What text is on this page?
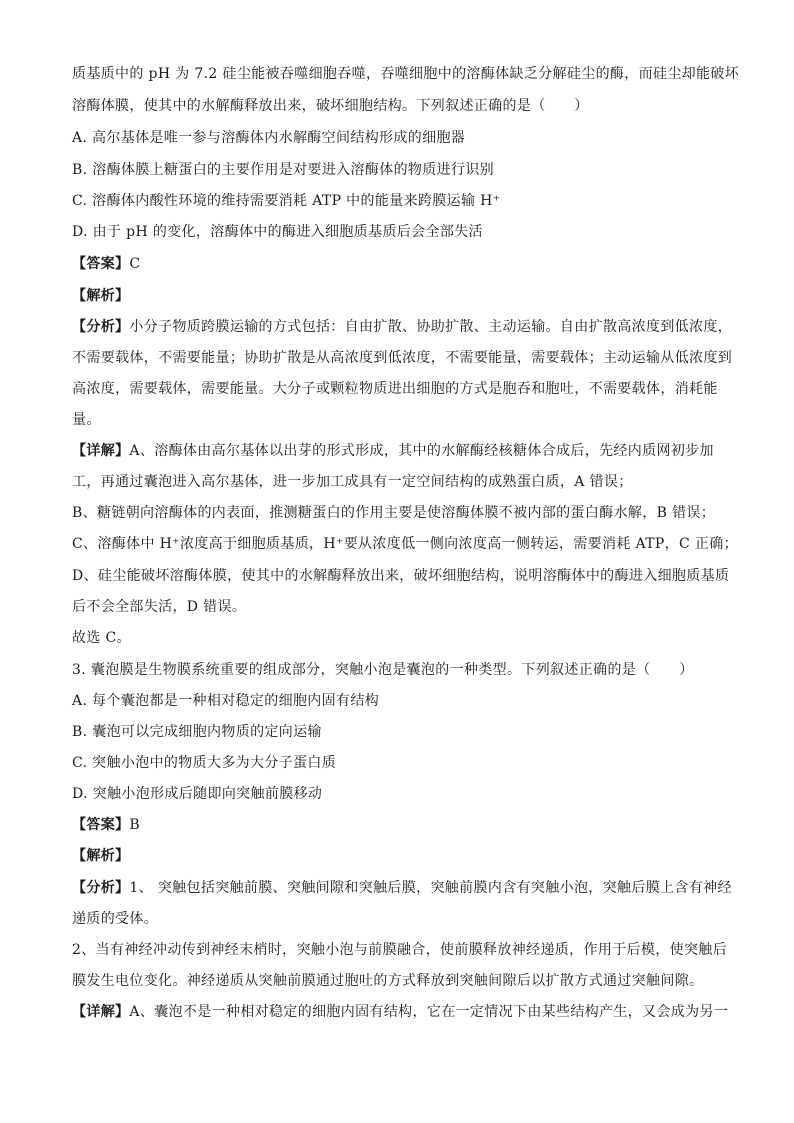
质基质中的 pH 为 7.2 硅尘能被吞噬细胞吞噬，吞噬细胞中的溶酶体缺乏分解硅尘的酶，而硅尘却能破坏
溶酶体膜，使其中的水解酶释放出来，破坏细胞结构。下列叙述正确的是（　　）
A. 高尔基体是唯一参与溶酶体内水解酶空间结构形成的细胞器
B. 溶酶体膜上糖蛋白的主要作用是对要进入溶酶体的物质进行识别
C. 溶酶体内酸性环境的维持需要消耗 ATP 中的能量来跨膜运输 H⁺
D. 由于 pH 的变化，溶酶体中的酶进入细胞质基质后会全部失活
【答案】C
【解析】
【分析】小分子物质跨膜运输的方式包括：自由扩散、协助扩散、主动运输。自由扩散高浓度到低浓度，
不需要载体，不需要能量；协助扩散是从高浓度到低浓度，不需要能量，需要载体；主动运输从低浓度到
高浓度，需要载体，需要能量。大分子或颗粒物质进出细胞的方式是胞吞和胞吐，不需要载体，消耗能
量。
【详解】A、溶酶体由高尔基体以出芽的形式形成，其中的水解酶经核糖体合成后，先经内质网初步加
工，再通过囊泡进入高尔基体，进一步加工成具有一定空间结构的成熟蛋白质，A 错误；
B、糖链朝向溶酶体的内表面，推测糖蛋白的作用主要是使溶酶体膜不被内部的蛋白酶水解，B 错误；
C、溶酶体中 H⁺浓度高于细胞质基质，H⁺要从浓度低一侧向浓度高一侧转运，需要消耗 ATP，C 正确；
D、硅尘能破坏溶酶体膜，使其中的水解酶释放出来，破坏细胞结构，说明溶酶体中的酶进入细胞质基质
后不会全部失活，D 错误。
故选 C。
3. 囊泡膜是生物膜系统重要的组成部分，突触小泡是囊泡的一种类型。下列叙述正确的是（　　）
A. 每个囊泡都是一种相对稳定的细胞内固有结构
B. 囊泡可以完成细胞内物质的定向运输
C. 突触小泡中的物质大多为大分子蛋白质
D. 突触小泡形成后随即向突触前膜移动
【答案】B
【解析】
【分析】1、 突触包括突触前膜、突触间隙和突触后膜，突触前膜内含有突触小泡，突触后膜上含有神经
递质的受体。
2、当有神经冲动传到神经末梢时，突触小泡与前膜融合，使前膜释放神经递质，作用于后模，使突触后
膜发生电位变化。神经递质从突触前膜通过胞吐的方式释放到突触间隙后以扩散方式通过突触间隙。
【详解】A、囊泡不是一种相对稳定的细胞内固有结构，它在一定情况下由某些结构产生，又会成为另一
